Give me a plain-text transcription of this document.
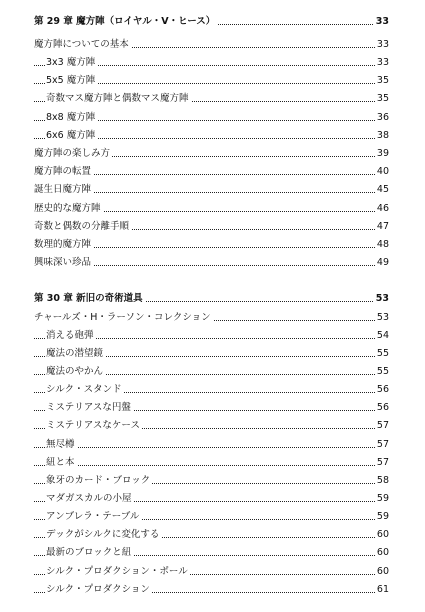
第 29 章 魔方陣（ロイヤル・V・ヒース）	33
魔方陣についての基本	33
3x3 魔方陣	33
5x5 魔方陣	35
奇数マス魔方陣と偶数マス魔方陣	35
8x8 魔方陣	36
6x6 魔方陣	38
魔方陣の楽しみ方	39
魔方陣の転置	40
誕生日魔方陣	45
歴史的な魔方陣	46
奇数と偶数の分離手順	47
数理的魔方陣	48
興味深い珍品	49
第 30 章 新旧の奇術道具	53
チャールズ・H・ラーソン・コレクション	53
消える砲弾	54
魔法の潜望鏡	55
魔法のやかん	55
シルク・スタンド	56
ミステリアスな円盤	56
ミステリアスなケース	57
無尽樽	57
紐と本	57
象牙のカード・ブロック	58
マダガスカルの小屋	59
アンブレラ・テーブル	59
デックがシルクに変化する	60
最新のブロックと紐	60
シルク・プロダクション・ボール	60
シルク・プロダクション	61
